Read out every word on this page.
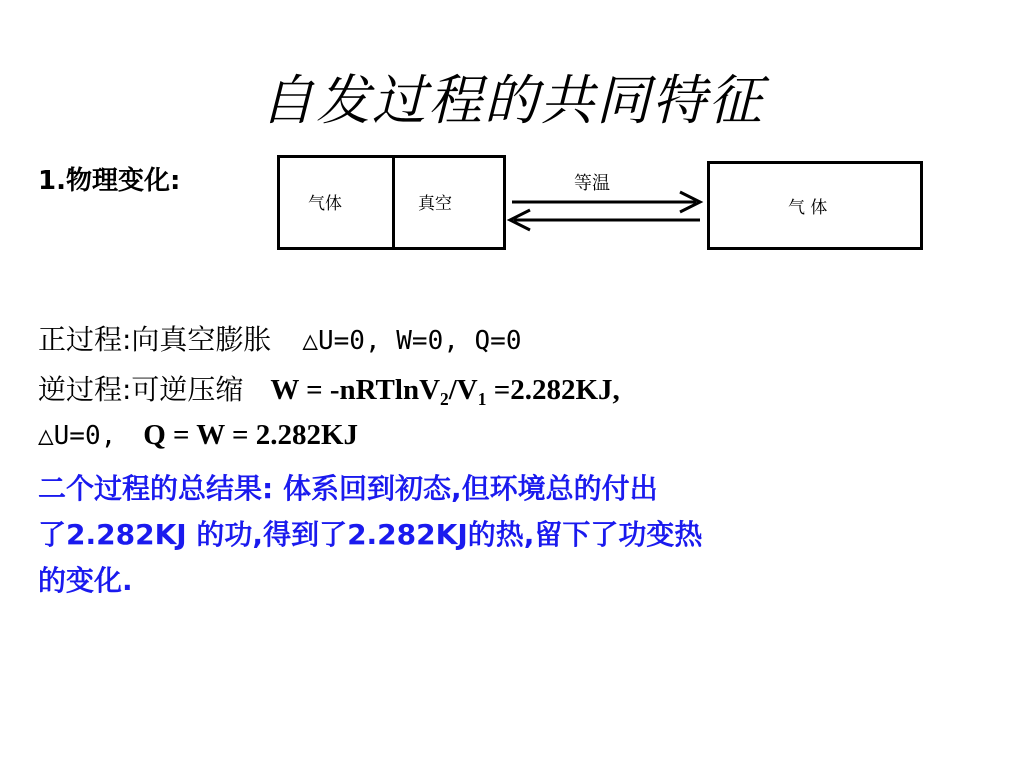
自发过程的共同特征
1.物理变化:
气体	真空
等温
气 体
正过程:向真空膨胀 △U=0, W=0, Q=0
逆过程:可逆压缩 $W = -nRTlnV_2/V_1 =2.282KJ$,
△U=0, Q = W = 2.282KJ
二个过程的总结果: 体系回到初态,但环境总的付出
了2.282KJ 的功,得到了2.282KJ的热,留下了功变热
的变化.
